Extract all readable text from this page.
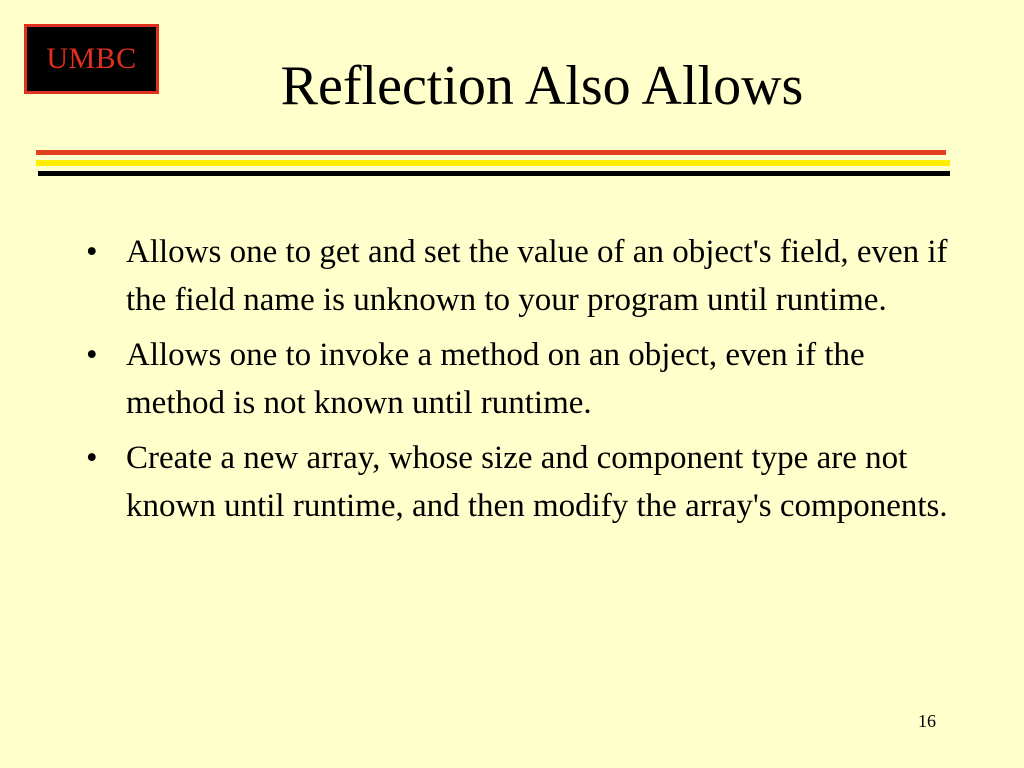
UMBC	Reflection Also Allows
• Allows one to get and set the value of an object's field, even if the field name is unknown to your program until runtime.
• Allows one to invoke a method on an object, even if the method is not known until runtime.
• Create a new array, whose size and component type are not known until runtime, and then modify the array's components.
16
